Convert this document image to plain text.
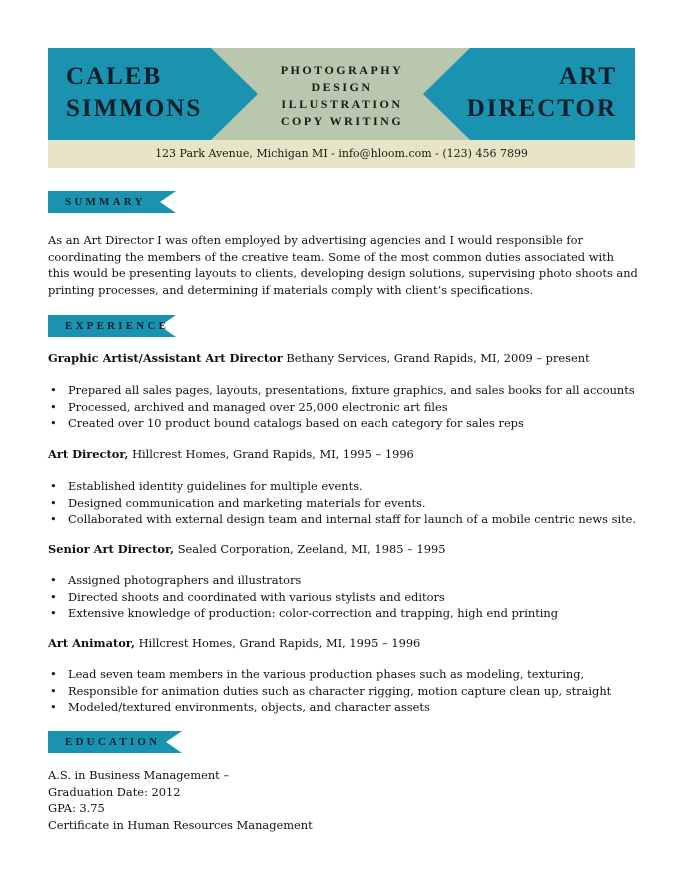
CALEB
SIMMONS
PHOTOGRAPHY
DESIGN
ILLUSTRATION
COPY WRITING
ART
DIRECTOR
123 Park Avenue, Michigan MI - info@hloom.com - (123) 456 7899
SUMMARY
As an Art Director I was often employed by advertising agencies and I would responsible for coordinating the members of the creative team. Some of the most common duties associated with this would be presenting layouts to clients, developing design solutions, supervising photo shoots and printing processes, and determining if materials comply with client’s specifications.
EXPERIENCE
Graphic Artist/Assistant Art Director Bethany Services, Grand Rapids, MI, 2009 – present
• Prepared all sales pages, layouts, presentations, fixture graphics, and sales books for all accounts
• Processed, archived and managed over 25,000 electronic art files
• Created over 10 product bound catalogs based on each category for sales reps
Art Director, Hillcrest Homes, Grand Rapids, MI, 1995 – 1996
• Established identity guidelines for multiple events.
• Designed communication and marketing materials for events.
• Collaborated with external design team and internal staff for launch of a mobile centric news site.
Senior Art Director, Sealed Corporation, Zeeland, MI, 1985 – 1995
• Assigned photographers and illustrators
• Directed shoots and coordinated with various stylists and editors
• Extensive knowledge of production: color-correction and trapping, high end printing
Art Animator, Hillcrest Homes, Grand Rapids, MI, 1995 – 1996
• Lead seven team members in the various production phases such as modeling, texturing,
• Responsible for animation duties such as character rigging, motion capture clean up, straight
• Modeled/textured environments, objects, and character assets
EDUCATION
A.S. in Business Management –
Graduation Date: 2012
GPA: 3.75
Certificate in Human Resources Management
